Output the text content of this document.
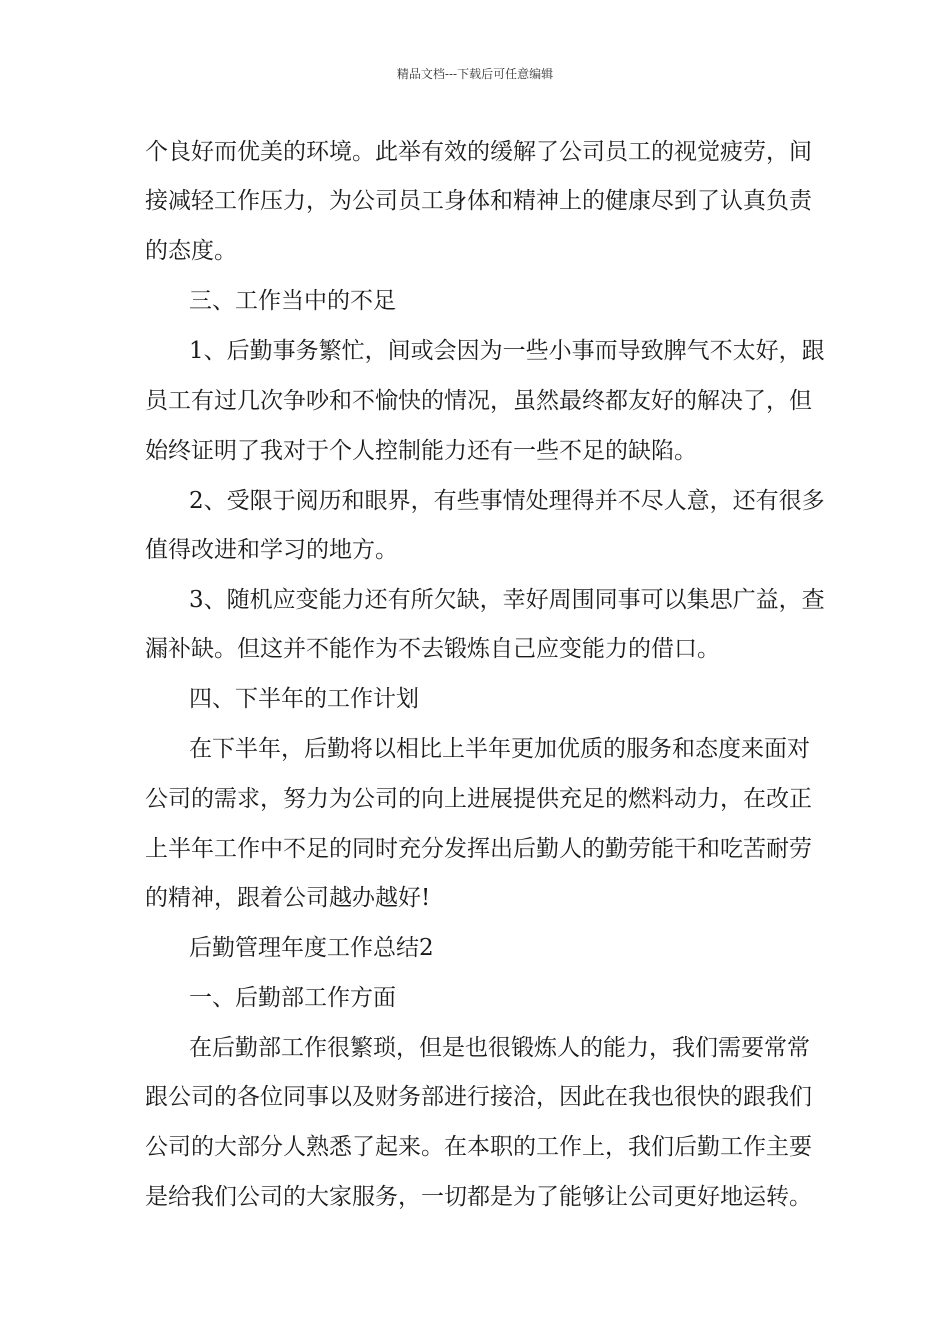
精品文档---下载后可任意编辑
个良好而优美的环境。此举有效的缓解了公司员工的视觉疲劳，间
接减轻工作压力，为公司员工身体和精神上的健康尽到了认真负责
的态度。
三、工作当中的不足
1、后勤事务繁忙，间或会因为一些小事而导致脾气不太好，跟
员工有过几次争吵和不愉快的情况，虽然最终都友好的解决了，但
始终证明了我对于个人控制能力还有一些不足的缺陷。
2、受限于阅历和眼界，有些事情处理得并不尽人意，还有很多
值得改进和学习的地方。
3、随机应变能力还有所欠缺，幸好周围同事可以集思广益，查
漏补缺。但这并不能作为不去锻炼自己应变能力的借口。
四、下半年的工作计划
在下半年，后勤将以相比上半年更加优质的服务和态度来面对
公司的需求，努力为公司的向上进展提供充足的燃料动力，在改正
上半年工作中不足的同时充分发挥出后勤人的勤劳能干和吃苦耐劳
的精神，跟着公司越办越好!
后勤管理年度工作总结2
一、后勤部工作方面
在后勤部工作很繁琐，但是也很锻炼人的能力，我们需要常常
跟公司的各位同事以及财务部进行接洽，因此在我也很快的跟我们
公司的大部分人熟悉了起来。在本职的工作上，我们后勤工作主要
是给我们公司的大家服务，一切都是为了能够让公司更好地运转。
